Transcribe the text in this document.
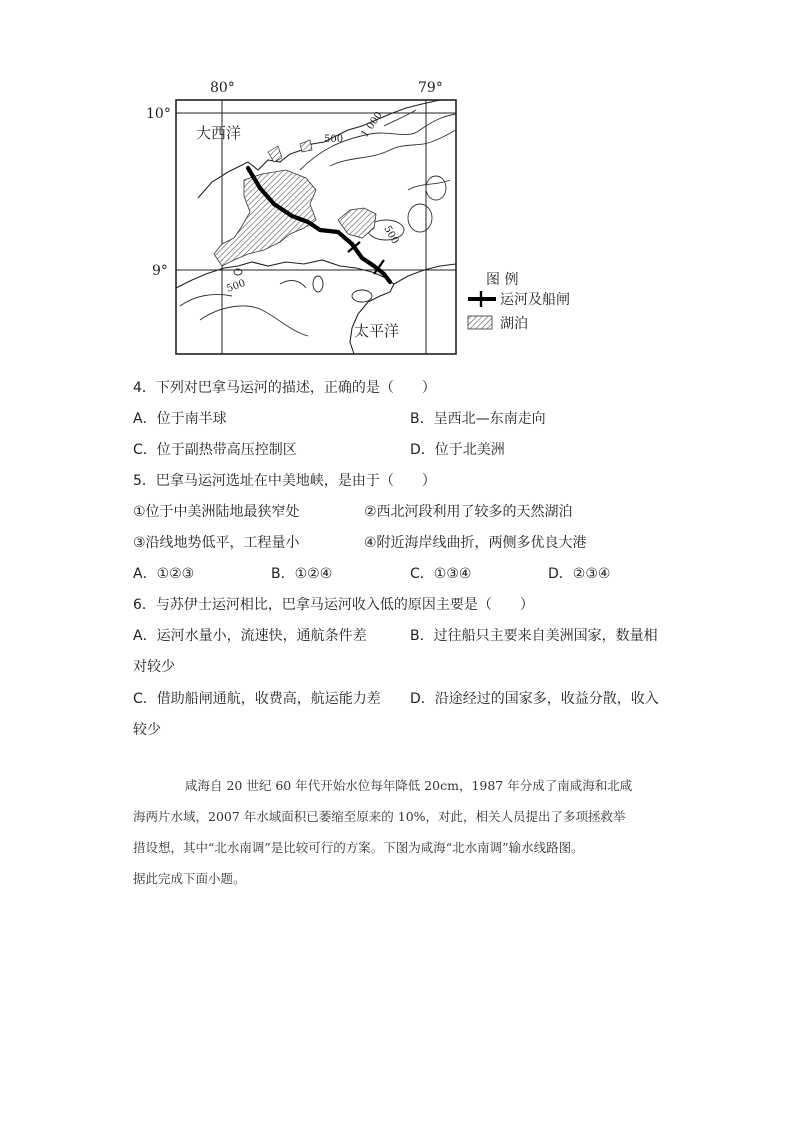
80°	79°
10°
9°
大西洋
太平洋
500 1 000
500
500	图 例
运河及船闸
湖泊
4．下列对巴拿马运河的描述，正确的是（　　）
A．位于南半球	B．呈西北—东南走向
C．位于副热带高压控制区	D．位于北美洲
5．巴拿马运河选址在中美地峡，是由于（　　）
①位于中美洲陆地最狭窄处	②西北河段利用了较多的天然湖泊
③沿线地势低平，工程量小	④附近海岸线曲折，两侧多优良大港
A．①②③	B．①②④	C．①③④	D．②③④
6．与苏伊士运河相比，巴拿马运河收入低的原因主要是（　　）
A．运河水量小，流速快，通航条件差	B．过往船只主要来自美洲国家，数量相
对较少
C．借助船闸通航，收费高，航运能力差 D．沿途经过的国家多，收益分散，收入
较少
咸海自 20 世纪 60 年代开始水位每年降低 20cm，1987 年分成了南咸海和北咸
海两片水域，2007 年水域面积已萎缩至原来的 10%，对此，相关人员提出了多项拯救举
措设想，其中“北水南调”是比较可行的方案。下图为咸海“北水南调”输水线路图。
据此完成下面小题。
